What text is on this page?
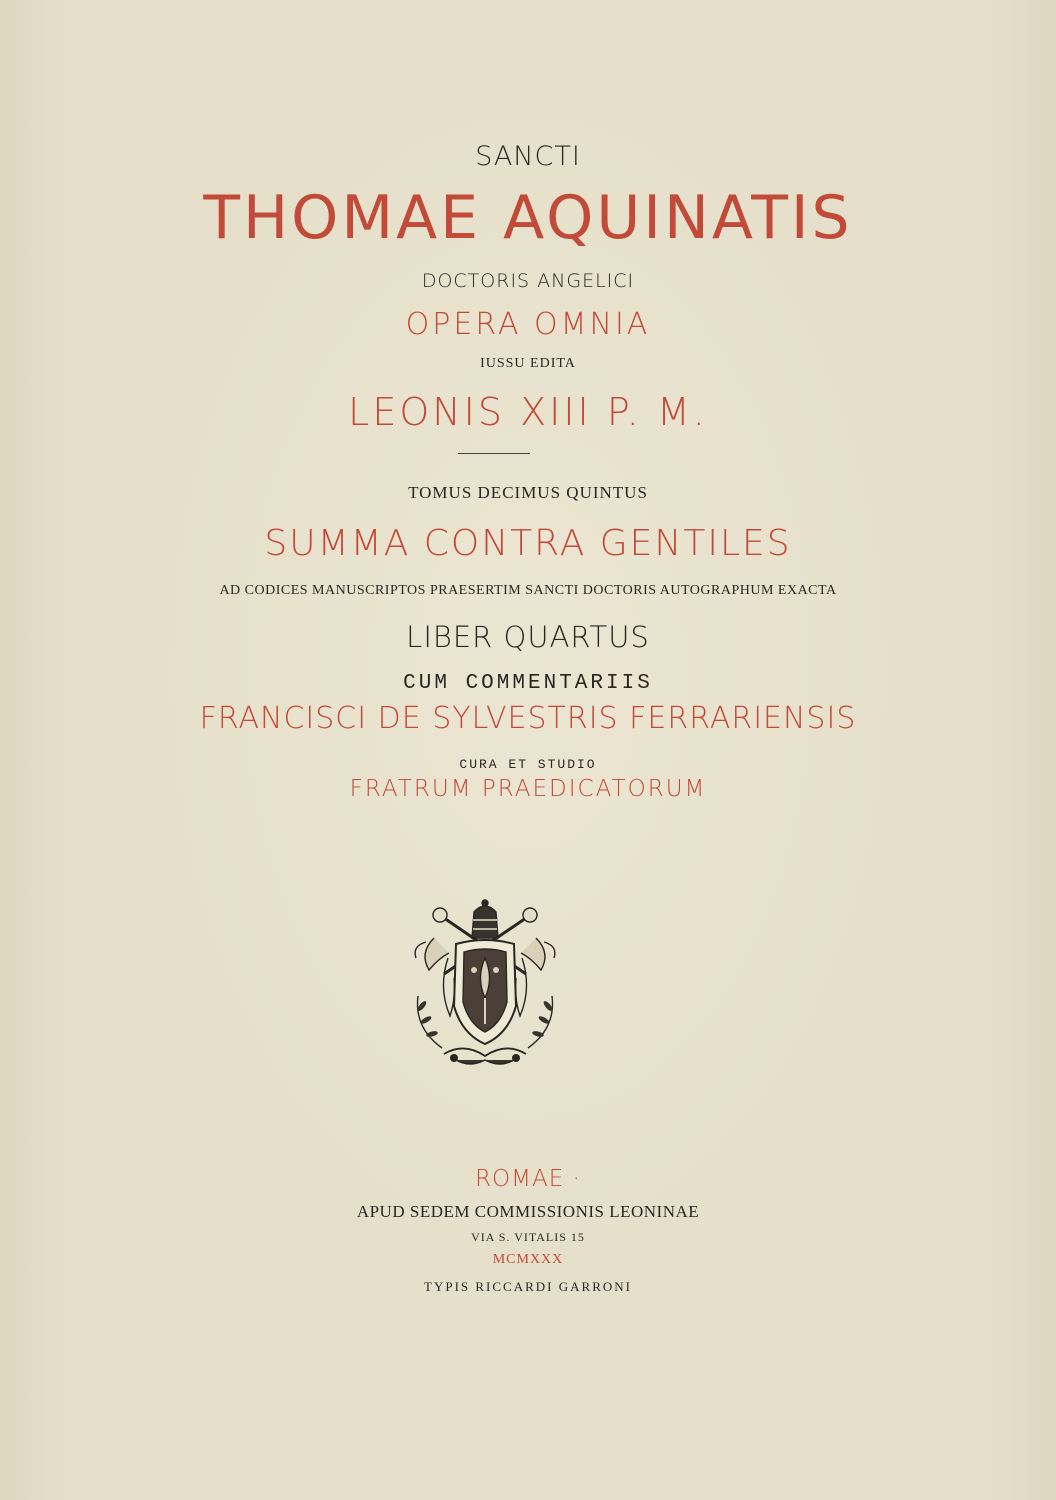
SANCTI

THOMAE AQUINATIS

DOCTORIS ANGELICI

OPERA OMNIA

IUSSU EDITA

LEONIS XIII P. M.

TOMUS DECIMUS QUINTUS

SUMMA CONTRA GENTILES

AD CODICES MANUSCRIPTOS PRAESERTIM SANCTI DOCTORIS AUTOGRAPHUM EXACTA

LIBER QUARTUS

CUM COMMENTARIIS

FRANCISCI DE SYLVESTRIS FERRARIENSIS

CURA ET STUDIO

FRATRUM PRAEDICATORUM

ROMAE ·

APUD SEDEM COMMISSIONIS LEONINAE

VIA S. VITALIS 15

MCMXXX

TYPIS RICCARDI GARRONI
